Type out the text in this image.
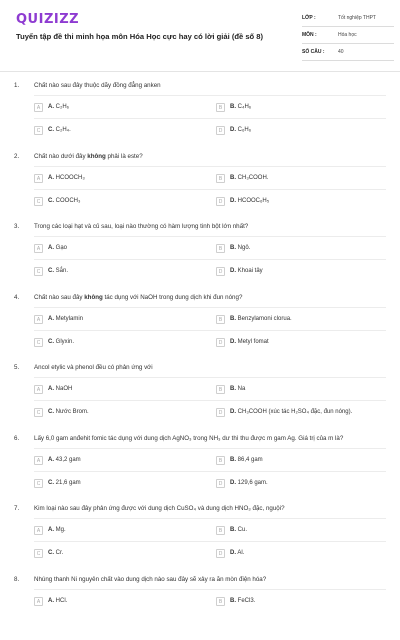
QUIZIZZ
Tuyển tập đề thi minh họa môn Hóa Học cực hay có lời giải (đề số 8)
LỚP :	Tốt nghiệp THPT
MÔN :	Hóa học
SỐ CÂU :	40
1. Chất nào sau đây thuộc dãy đồng đẳng anken
A	A. C₂H₆	B	B. C₄H₆
C	C. C₂H₄.	D	D. C₆H₆
2. Chất nào dưới đây không phải là este?
A	A. HCOOCH₃	B	B. CH₃COOH.
C	C. COOCH₃	D	D. HCOOC₆H₅
3. Trong các loại hạt và củ sau, loại nào thường có hàm lượng tinh bột lớn nhất?
A	A. Gạo	B	B. Ngô.
C	C. Sắn.	D	D. Khoai tây
4. Chất nào sau đây không tác dụng với NaOH trong dung dịch khi đun nóng?
A	A. Metylamin	B	B. Benzylamoni clorua.
C	C. Glyxin.	D	D. Metyl fomat
5. Ancol etylic và phenol đều có phản ứng với
A	A. NaOH	B	B. Na
C	C. Nước Brom.	D	D. CH₃COOH (xúc tác H₂SO₄ đặc, đun nóng).
6. Lấy 6,0 gam anđehit fomic tác dụng với dung dịch AgNO₃ trong NH₃ dư thì thu được m gam Ag. Giá trị của m là?
A	A. 43,2 gam	B	B. 86,4 gam
C	C. 21,6 gam	D	D. 129,6 gam.
7. Kim loại nào sau đây phản ứng được với dung dịch CuSO₄ và dung dịch HNO₃ đặc, nguội?
A	A. Mg.	B	B. Cu.
C	C. Cr.	D	D. Al.
8. Nhúng thanh Ni nguyên chất vào dung dịch nào sau đây sẽ xảy ra ăn mòn điện hóa?
A	A. HCl.	B	B. FeCl3.
